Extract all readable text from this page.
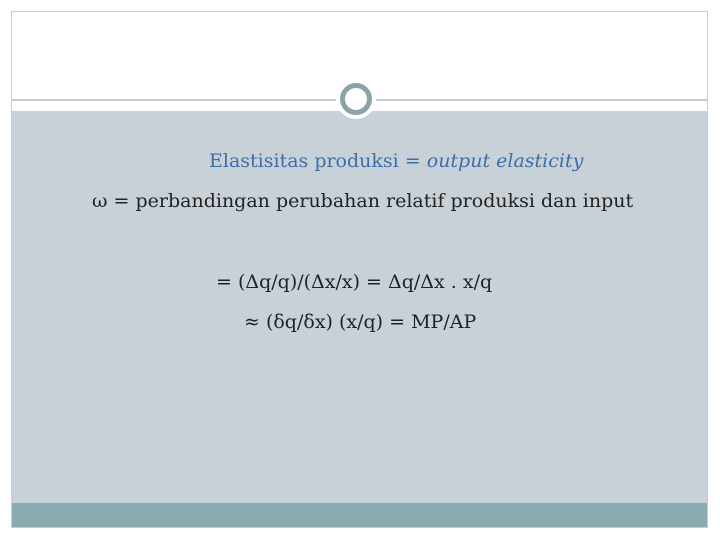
Elastisitas produksi = output elasticity
ω = perbandingan perubahan relatif produksi dan input
= (Δq/q)/(Δx/x) = Δq/Δx . x/q
≈ (δq/δx) (x/q) = MP/AP
